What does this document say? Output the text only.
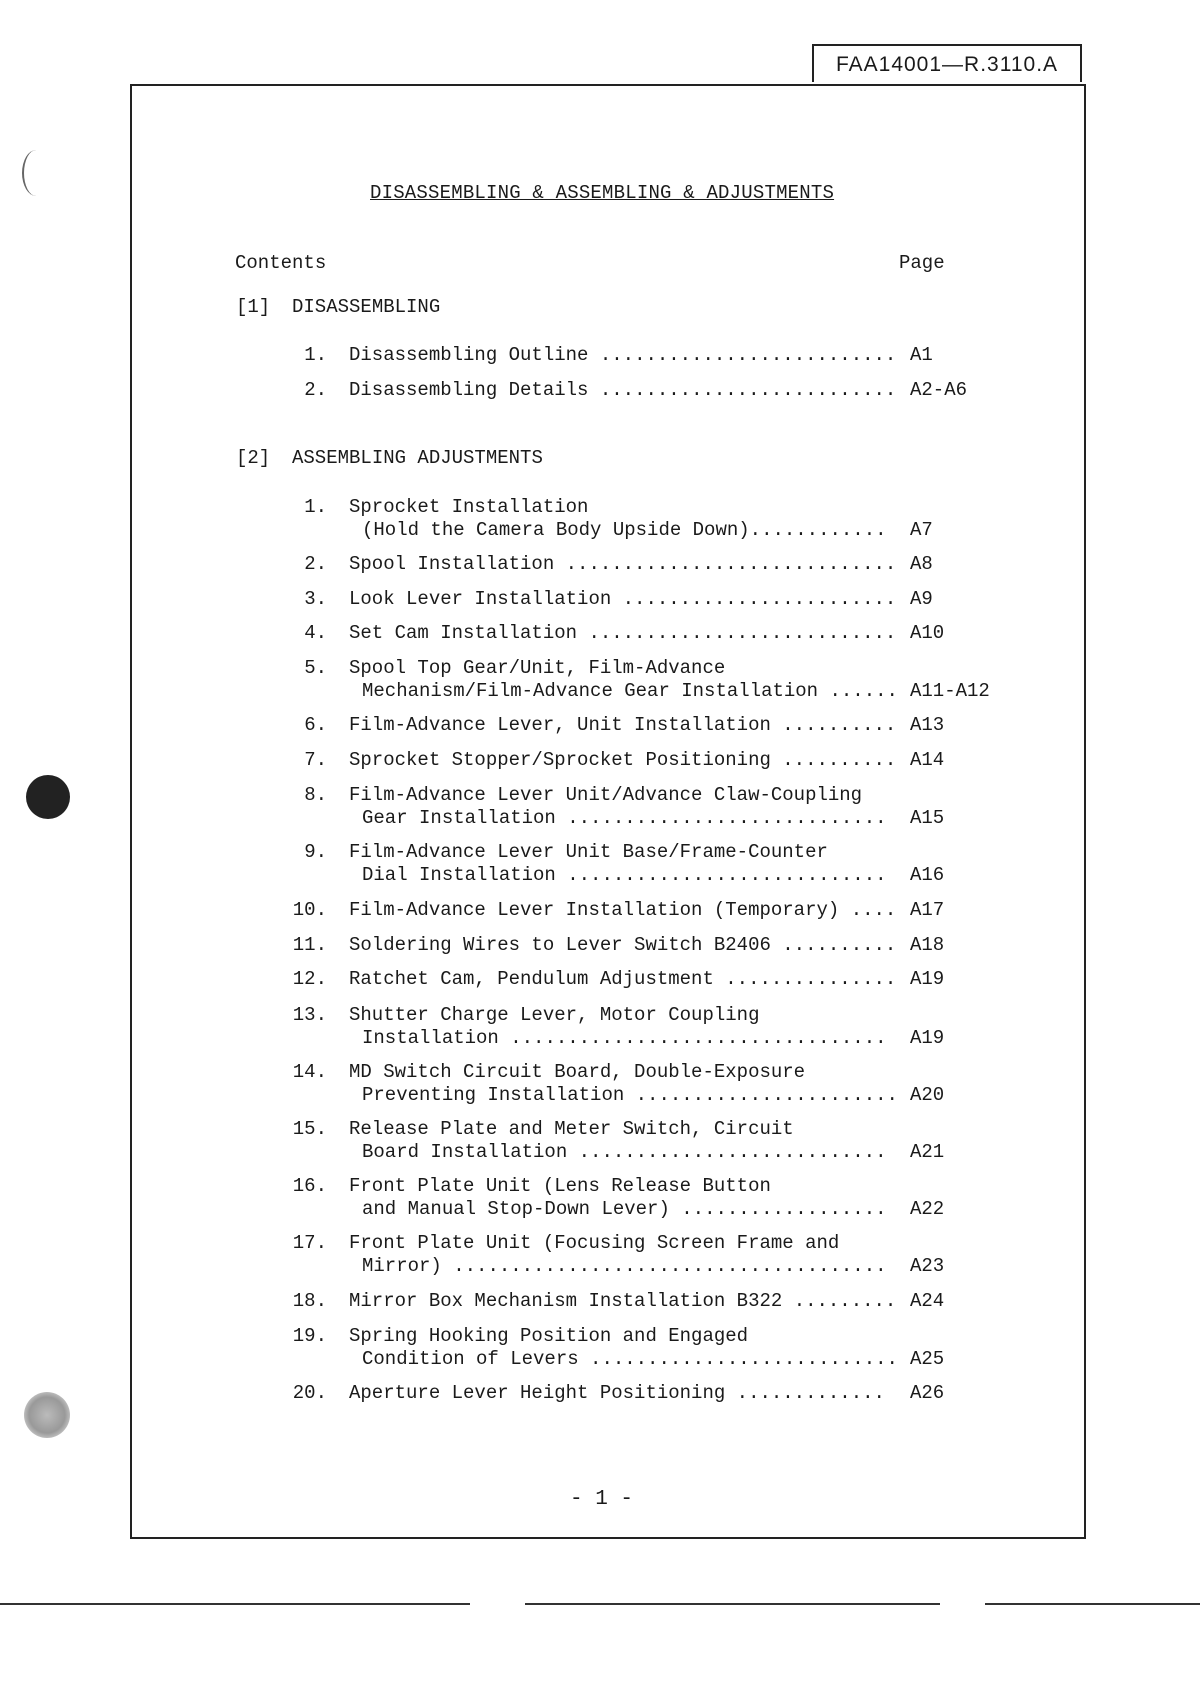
FAA14001—R.3110.A
DISASSEMBLING & ASSEMBLING & ADJUSTMENTS
Contents	Page
[1] DISASSEMBLING
1. Disassembling Outline .......................... A1
2. Disassembling Details .......................... A2-A6
[2] ASSEMBLING ADJUSTMENTS
1. Sprocket Installation
(Hold the Camera Body Upside Down)............	A7
2. Spool Installation ............................. A8
3. Look Lever Installation ........................ A9
4. Set Cam Installation ........................... A10
5. Spool Top Gear/Unit, Film-Advance
Mechanism/Film-Advance Gear Installation ...... A11-A12
6. Film-Advance Lever, Unit Installation .......... A13
7. Sprocket Stopper/Sprocket Positioning .......... A14
8. Film-Advance Lever Unit/Advance Claw-Coupling
Gear Installation ............................	A15
9. Film-Advance Lever Unit Base/Frame-Counter
Dial Installation ............................	A16
10. Film-Advance Lever Installation (Temporary) .... A17
11. Soldering Wires to Lever Switch B2406 .......... A18
12. Ratchet Cam, Pendulum Adjustment ............... A19
13. Shutter Charge Lever, Motor Coupling
Installation .................................	A19
14. MD Switch Circuit Board, Double-Exposure
Preventing Installation ....................... A20
15. Release Plate and Meter Switch, Circuit
Board Installation ...........................	A21
16. Front Plate Unit (Lens Release Button
and Manual Stop-Down Lever) ..................	A22
17. Front Plate Unit (Focusing Screen Frame and
Mirror) ......................................	A23
18. Mirror Box Mechanism Installation B322 ......... A24
19. Spring Hooking Position and Engaged
Condition of Levers ........................... A25
20. Aperture Lever Height Positioning .............	A26
- 1 -
